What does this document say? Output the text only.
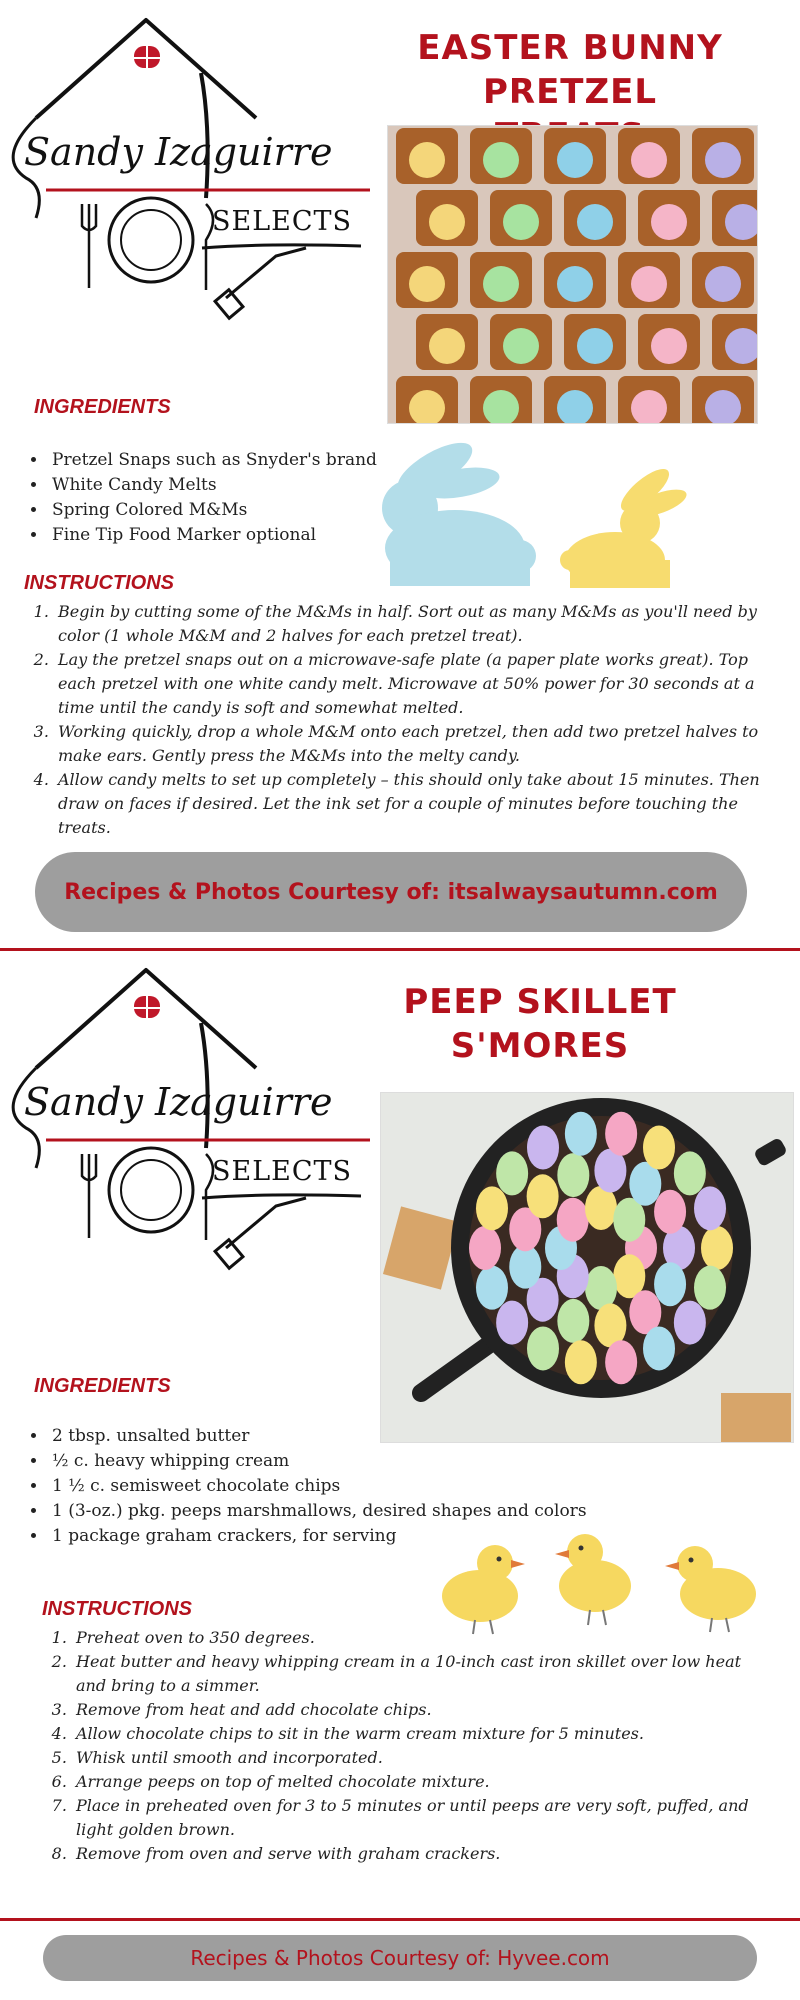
Sandy Izaguirre
SELECTS
EASTER BUNNY PRETZEL
INGREDIENTS
• Pretzel Snaps such as Snyder's brand
• White Candy Melts
• Spring Colored M&Ms
• Fine Tip Food Marker optional
INSTRUCTIONS
1. Begin by cutting some of the M&Ms in half. Sort out as many M&Ms as you'll need by color (1 whole M&M and 2 halves for each pretzel treat).
2. Lay the pretzel snaps out on a microwave-safe plate (a paper plate works great). Top each pretzel with one white candy melt. Microwave at 50% power for 30 seconds at a time until the candy is soft and somewhat melted.
3. Working quickly, drop a whole M&M onto each pretzel, then add two pretzel halves to make ears. Gently press the M&Ms into the melty candy.
4. Allow candy melts to set up completely – this should only take about 15 minutes. Then draw on faces if desired. Let the ink set for a couple of minutes before touching the treats.
Recipes & Photos Courtesy of: itsalwaysautumn.com
Sandy Izaguirre
SELECTS
PEEP SKILLET S'MORES
INGREDIENTS
• 2 tbsp. unsalted butter
• ½ c. heavy whipping cream
• 1 ½ c. semisweet chocolate chips
• 1 (3-oz.) pkg. peeps marshmallows, desired shapes and colors
• 1 package graham crackers, for serving
INSTRUCTIONS
1. Preheat oven to 350 degrees.
2. Heat butter and heavy whipping cream in a 10-inch cast iron skillet over low heat and bring to a simmer.
3. Remove from heat and add chocolate chips.
4. Allow chocolate chips to sit in the warm cream mixture for 5 minutes.
5. Whisk until smooth and incorporated.
6. Arrange peeps on top of melted chocolate mixture.
7. Place in preheated oven for 3 to 5 minutes or until peeps are very soft, puffed, and light golden brown.
8. Remove from oven and serve with graham crackers.
Recipes & Photos Courtesy of: Hyvee.com
